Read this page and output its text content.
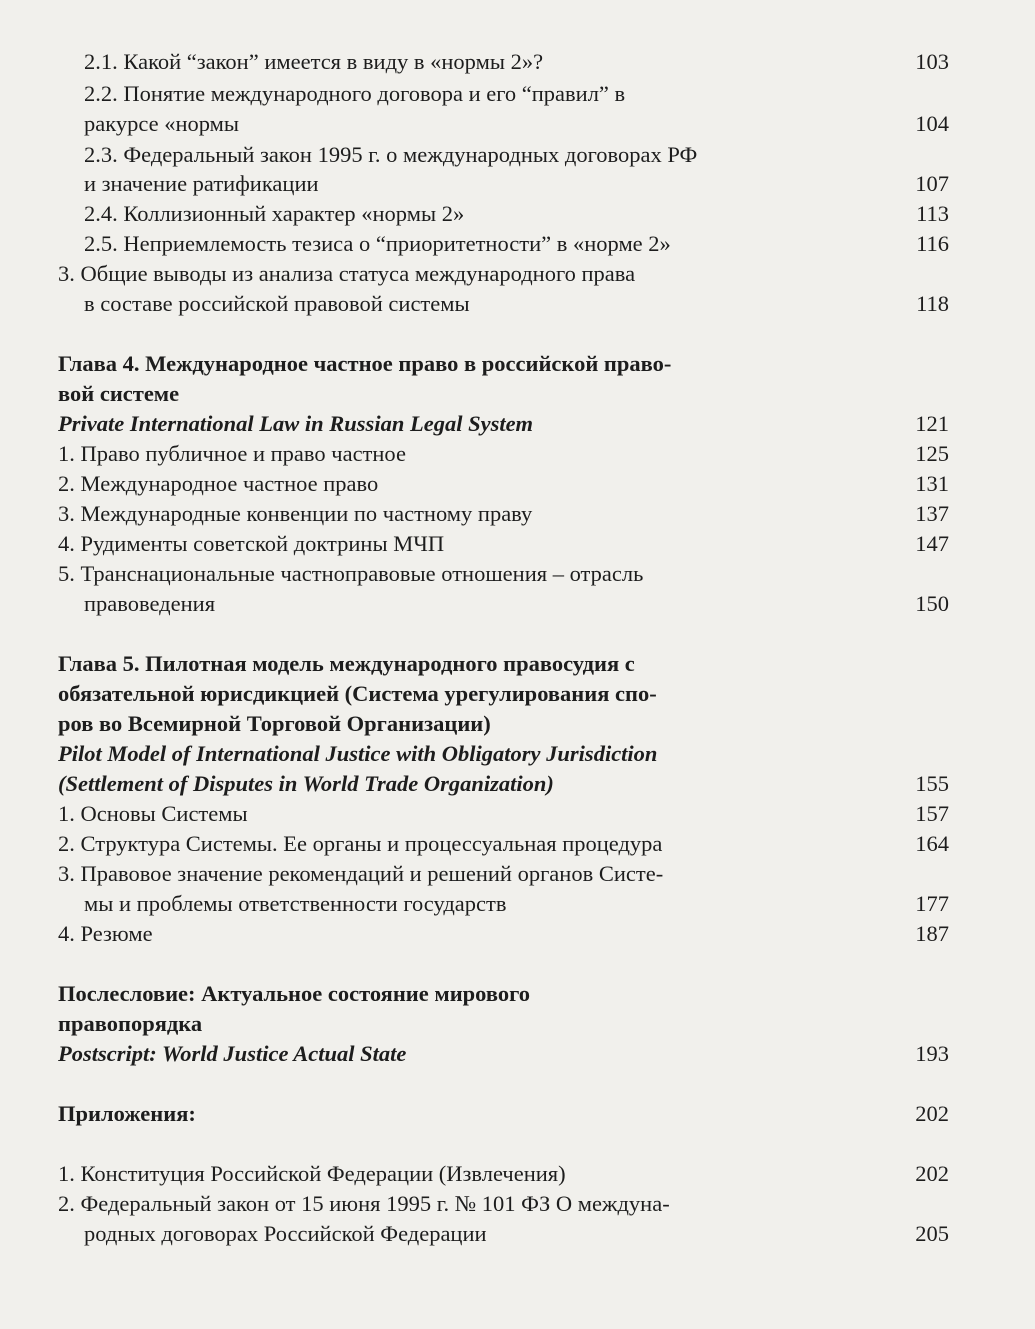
2.1. Какой “закон” имеется в виду в «нормы 2»?	103
2.2. Понятие международного договора и его “правил” в
ракурсе «нормы	104
2.3. Федеральный закон 1995 г. о международных договорах РФ
и значение ратификации	107
2.4. Коллизионный характер «нормы 2»	113
2.5. Неприемлемость тезиса о “приоритетности” в «норме 2»	116
3. Общие выводы из анализа статуса международного права
в составе российской правовой системы	118
Глава 4. Международное частное право в российской право-
вой системе
Private International Law in Russian Legal System	121
1. Право публичное и право частное	125
2. Международное частное право	131
3. Международные конвенции по частному праву	137
4. Рудименты советской доктрины МЧП	147
5. Транснациональные частноправовые отношения – отрасль
правоведения	150
Глава 5. Пилотная модель международного правосудия с
обязательной юрисдикцией (Система урегулирования спо-
ров во Всемирной Торговой Организации)
Pilot Model of International Justice with Obligatory Jurisdiction
(Settlement of Disputes in World Trade Organization)	155
1. Основы Системы	157
2. Структура Системы. Ее органы и процессуальная процедура	164
3. Правовое значение рекомендаций и решений органов Систе-
мы и проблемы ответственности государств	177
4. Резюме	187
Послесловие: Актуальное состояние мирового
правопорядка
Postscript: World Justice Actual State	193
Приложения:	202
1. Конституция Российской Федерации (Извлечения)	202
2. Федеральный закон от 15 июня 1995 г. № 101 ФЗ О междуна-
родных договорах Российской Федерации	205
